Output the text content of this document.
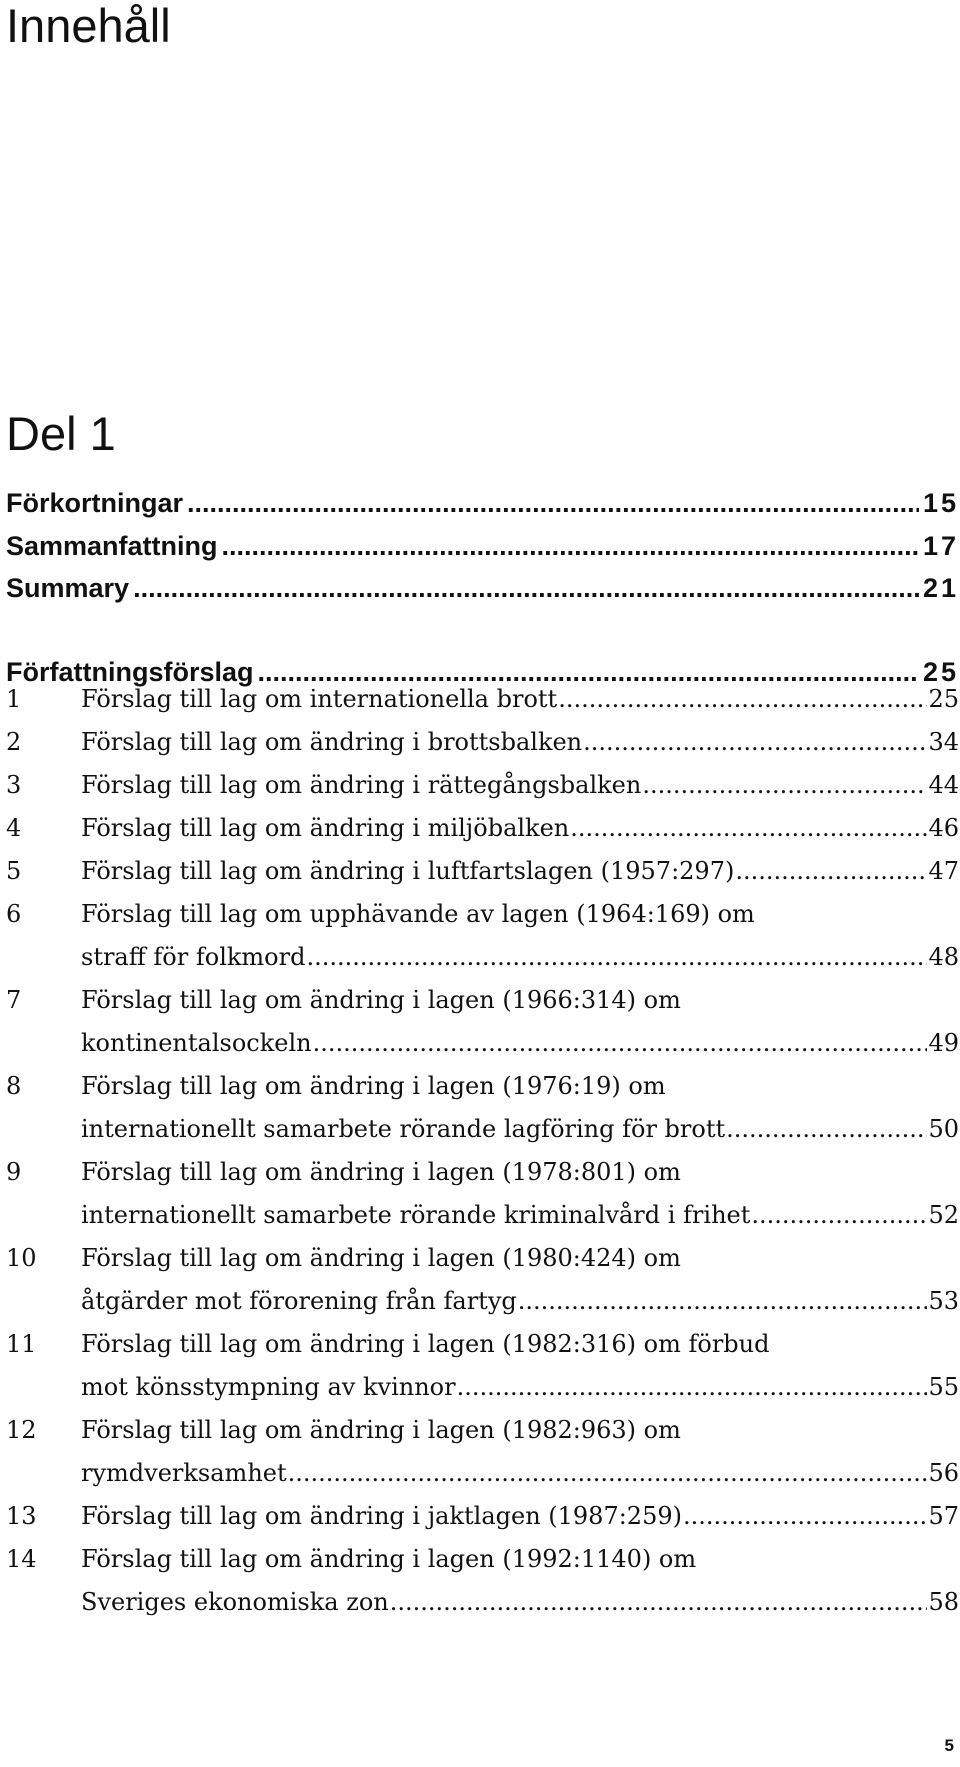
Innehåll
Del 1
Förkortningar .....	15
Sammanfattning .....	17
Summary .....	21
Författningsförslag .....	25
1	Förslag till lag om internationella brott .....	25
2	Förslag till lag om ändring i brottsbalken .....	34
3	Förslag till lag om ändring i rättegångsbalken .....	44
4	Förslag till lag om ändring i miljöbalken .....	46
5	Förslag till lag om ändring i luftfartslagen (1957:297) .....	47
6	Förslag till lag om upphävande av lagen (1964:169) om
straff för folkmord .....	48
7	Förslag till lag om ändring i lagen (1966:314) om
kontinentalsockeln .....	49
8	Förslag till lag om ändring i lagen (1976:19) om
internationellt samarbete rörande lagföring för brott .....	50
9	Förslag till lag om ändring i lagen (1978:801) om
internationellt samarbete rörande kriminalvård i frihet .....	52
10	Förslag till lag om ändring i lagen (1980:424) om
åtgärder mot förorening från fartyg .....	53
11	Förslag till lag om ändring i lagen (1982:316) om förbud
mot könsstympning av kvinnor .....	55
12	Förslag till lag om ändring i lagen (1982:963) om
rymdverksamhet .....	56
13	Förslag till lag om ändring i jaktlagen (1987:259) .....	57
14	Förslag till lag om ändring i lagen (1992:1140) om
Sveriges ekonomiska zon .....	58
5
